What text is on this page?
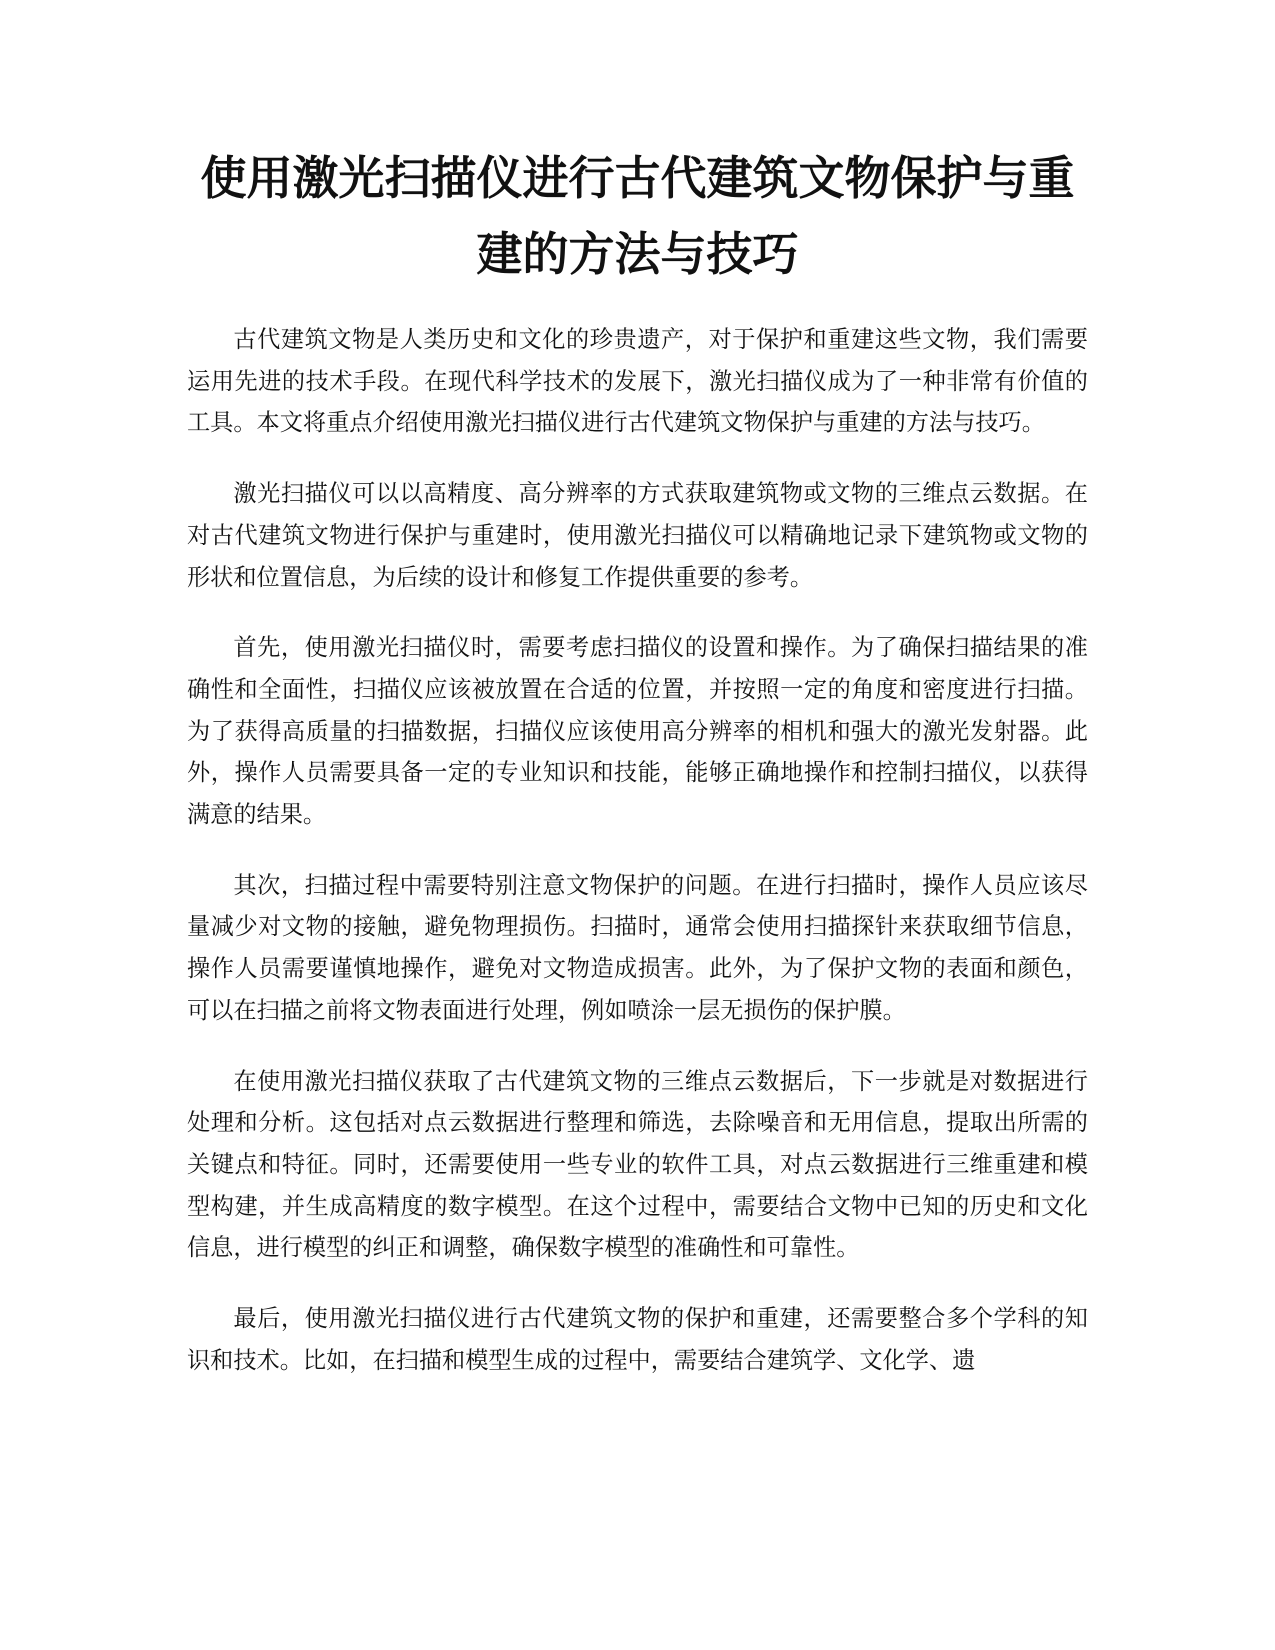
使用激光扫描仪进行古代建筑文物保护与重建的方法与技巧

古代建筑文物是人类历史和文化的珍贵遗产，对于保护和重建这些文物，我们需要运用先进的技术手段。在现代科学技术的发展下，激光扫描仪成为了一种非常有价值的工具。本文将重点介绍使用激光扫描仪进行古代建筑文物保护与重建的方法与技巧。

激光扫描仪可以以高精度、高分辨率的方式获取建筑物或文物的三维点云数据。在对古代建筑文物进行保护与重建时，使用激光扫描仪可以精确地记录下建筑物或文物的形状和位置信息，为后续的设计和修复工作提供重要的参考。

首先，使用激光扫描仪时，需要考虑扫描仪的设置和操作。为了确保扫描结果的准确性和全面性，扫描仪应该被放置在合适的位置，并按照一定的角度和密度进行扫描。为了获得高质量的扫描数据，扫描仪应该使用高分辨率的相机和强大的激光发射器。此外，操作人员需要具备一定的专业知识和技能，能够正确地操作和控制扫描仪，以获得满意的结果。

其次，扫描过程中需要特别注意文物保护的问题。在进行扫描时，操作人员应该尽量减少对文物的接触，避免物理损伤。扫描时，通常会使用扫描探针来获取细节信息，操作人员需要谨慎地操作，避免对文物造成损害。此外，为了保护文物的表面和颜色，可以在扫描之前将文物表面进行处理，例如喷涂一层无损伤的保护膜。

在使用激光扫描仪获取了古代建筑文物的三维点云数据后，下一步就是对数据进行处理和分析。这包括对点云数据进行整理和筛选，去除噪音和无用信息，提取出所需的关键点和特征。同时，还需要使用一些专业的软件工具，对点云数据进行三维重建和模型构建，并生成高精度的数字模型。在这个过程中，需要结合文物中已知的历史和文化信息，进行模型的纠正和调整，确保数字模型的准确性和可靠性。

最后，使用激光扫描仪进行古代建筑文物的保护和重建，还需要整合多个学科的知识和技术。比如，在扫描和模型生成的过程中，需要结合建筑学、文化学、遗
